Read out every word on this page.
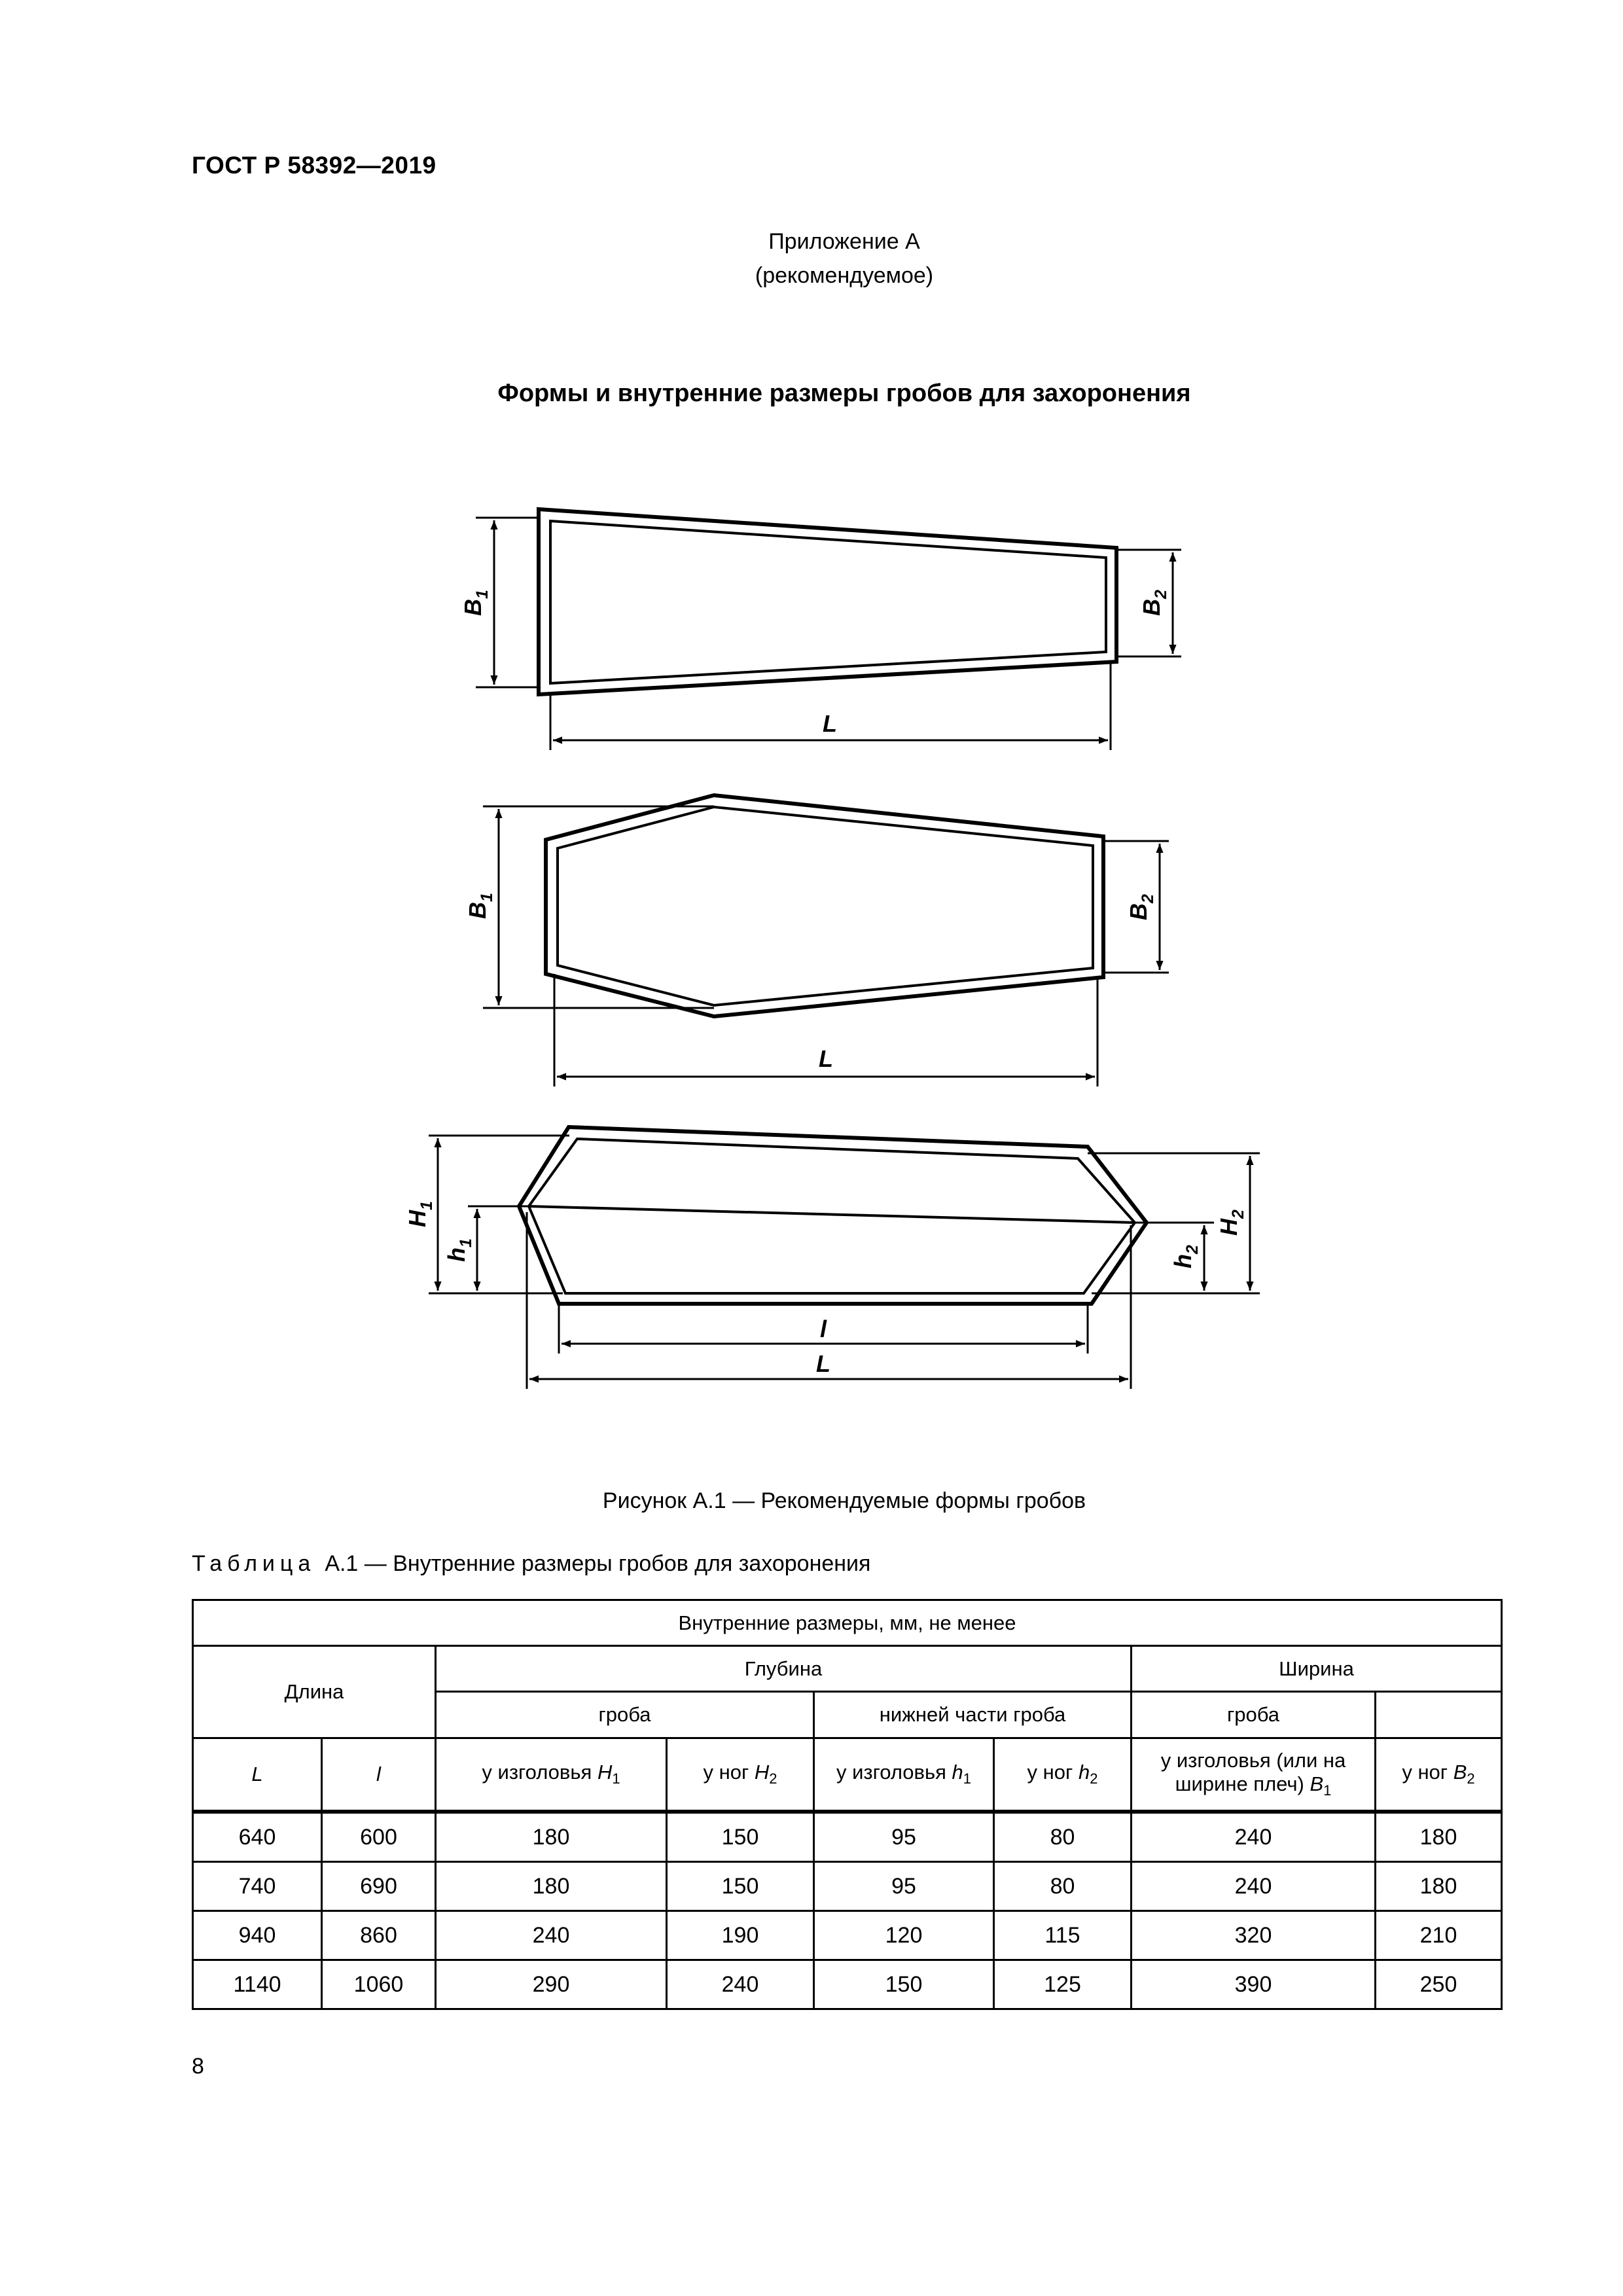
ГОСТ Р 58392—2019
Приложение А
(рекомендуемое)
Формы и внутренние размеры гробов для захоронения
$B_1$
$B_2$
L
$B_1$
$B_2$
L
$H_1$
$h_1$
$H_2$
$h_2$
l
L
Рисунок А.1 — Рекомендуемые формы гробов
Таблица А.1 — Внутренние размеры гробов для захоронения
Внутренние размеры, мм, не менее							
Длина		Глубина				Ширина	
		гроба		нижней части гроба		гроба	
L	l	у изголовья $H_1$	у ног $H_2$	у изголовья $h_1$	у ног $h_2$	у изголовья (или на ширине плеч) $B_1$	у ног $B_2$
640	600	180	150	95	80	240	180
740	690	180	150	95	80	240	180
940	860	240	190	120	115	320	210
1140	1060	290	240	150	125	390	250
8
